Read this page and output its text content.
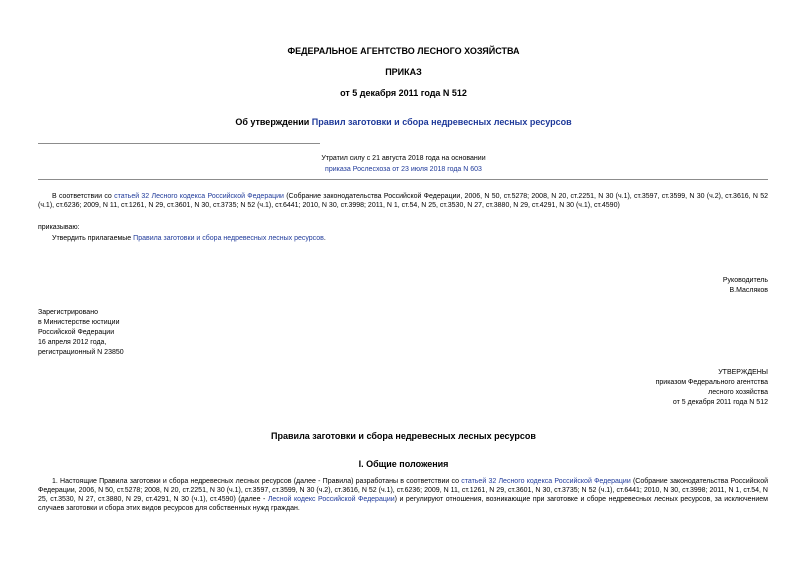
ФЕДЕРАЛЬНОЕ АГЕНТСТВО ЛЕСНОГО ХОЗЯЙСТВА
ПРИКАЗ
от 5 декабря 2011 года N 512
Об утверждении Правил заготовки и сбора недревесных лесных ресурсов
Утратил силу с 21 августа 2018 года на основании
приказа Рослесхоза от 23 июля 2018 года N 603
В соответствии со статьей 32 Лесного кодекса Российской Федерации (Собрание законодательства Российской Федерации, 2006, N 50, ст.5278; 2008, N 20, ст.2251, N 30 (ч.1), ст.3597, ст.3599, N 30 (ч.2), ст.3616, N 52 (ч.1), ст.6236; 2009, N 11, ст.1261, N 29, ст.3601, N 30, ст.3735; N 52 (ч.1), ст.6441; 2010, N 30, ст.3998; 2011, N 1, ст.54, N 25, ст.3530, N 27, ст.3880, N 29, ст.4291, N 30 (ч.1), ст.4590)
приказываю:
Утвердить прилагаемые Правила заготовки и сбора недревесных лесных ресурсов.
Руководитель
В.Масляков
Зарегистрировано
в Министерстве юстиции
Российской Федерации
16 апреля 2012 года,
регистрационный N 23850
УТВЕРЖДЕНЫ
приказом Федерального агентства
лесного хозяйства
от 5 декабря 2011 года N 512
Правила заготовки и сбора недревесных лесных ресурсов
I. Общие положения
1. Настоящие Правила заготовки и сбора недревесных лесных ресурсов (далее - Правила) разработаны в соответствии со статьей 32 Лесного кодекса Российской Федерации (Собрание законодательства Российской Федерации, 2006, N 50, ст.5278; 2008, N 20, ст.2251, N 30 (ч.1), ст.3597, ст.3599, N 30 (ч.2), ст.3616, N 52 (ч.1), ст.6236; 2009, N 11, ст.1261, N 29, ст.3601, N 30, ст.3735; N 52 (ч.1), ст.6441; 2010, N 30, ст.3998; 2011, N 1, ст.54, N 25, ст.3530, N 27, ст.3880, N 29, ст.4291, N 30 (ч.1), ст.4590) (далее - Лесной кодекс Российской Федерации) и регулируют отношения, возникающие при заготовке и сборе недревесных лесных ресурсов, за исключением случаев заготовки и сбора этих видов ресурсов для собственных нужд граждан.
